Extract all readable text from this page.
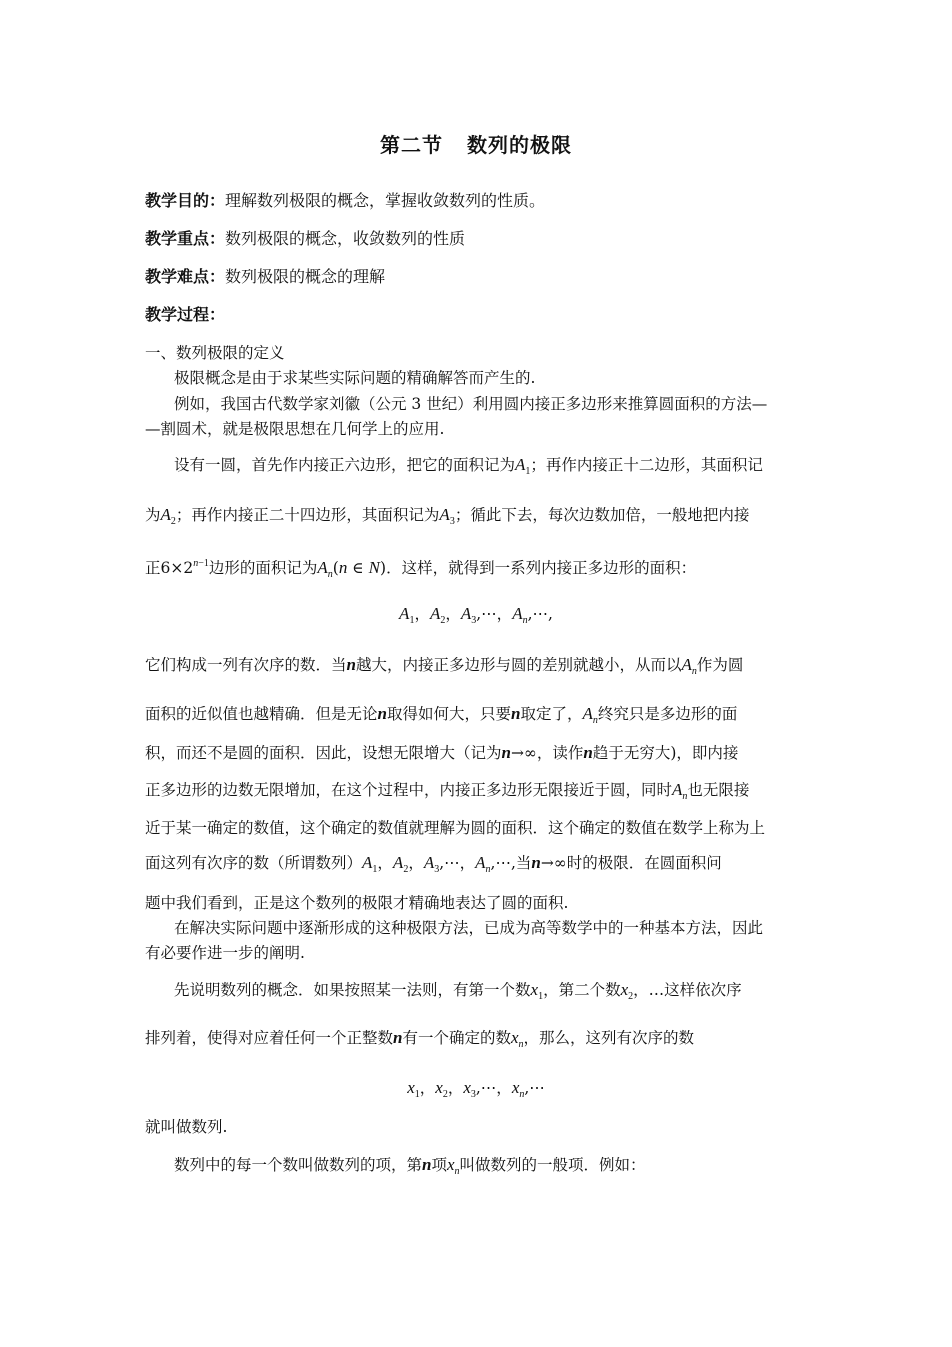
第二节 数列的极限
教学目的：理解数列极限的概念，掌握收敛数列的性质。
教学重点：数列极限的概念，收敛数列的性质
教学难点：数列极限的概念的理解
教学过程：
一、数列极限的定义
极限概念是由于求某些实际问题的精确解答而产生的.
例如，我国古代数学家刘徽（公元 3 世纪）利用圆内接正多边形来推算圆面积的方法—
—割圆术，就是极限思想在几何学上的应用.
设有一圆，首先作内接正六边形，把它的面积记为$A_1$；再作内接正十二边形，其面积记
为$A_2$；再作内接正二十四边形，其面积记为$A_3$；循此下去，每次边数加倍，一般地把内接
正$6\times 2^{n-1}$边形的面积记为$A_n(n$ ∈ N)．这样，就得到一系列内接正多边形的面积：
$A_1$，$A_2$，$A_3,\cdots$，$A_n,\cdots$,
它们构成一列有次序的数．当n越大，内接正多边形与圆的差别就越小，从而以$A_n$作为圆
面积的近似值也越精确．但是无论n取得如何大，只要n取定了，$A_n$终究只是多边形的面
积，而还不是圆的面积．因此，设想无限增大（记为n→∞，读作n趋于无穷大)，即内接
正多边形的边数无限增加，在这个过程中，内接正多边形无限接近于圆，同时$A_n$也无限接
近于某一确定的数值，这个确定的数值就理解为圆的面积．这个确定的数值在数学上称为上
面这列有次序的数（所谓数列）$A_1$，$A_2$，$A_3,\cdots$，$A_n,\cdots$,当n→∞时的极限．在圆面积问
题中我们看到，正是这个数列的极限才精确地表达了圆的面积.
在解决实际问题中逐渐形成的这种极限方法，已成为高等数学中的一种基本方法，因此
有必要作进一步的阐明.
先说明数列的概念．如果按照某一法则，有第一个数$x_1$，第二个数$x_2$，…这样依次序
排列着，使得对应着任何一个正整数n有一个确定的数$x_n$，那么，这列有次序的数
$x_1$，$x_2$，$x_3,\cdots$，$x_n,\cdots$
就叫做数列.
数列中的每一个数叫做数列的项，第n项$x_n$叫做数列的一般项．例如：
